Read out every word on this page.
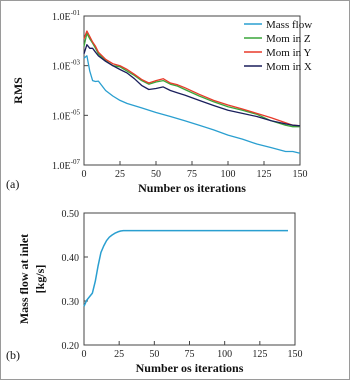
0	25	50	75 100 125 150
$1.0E^{-07}$
$1.0E^{-05}$
$1.0E^{-03}$
$1.0E^{-01}$
Mass flow
Mom in Z
Mom in Y
Mom in X
Number os iterations
RMS
(a)
0	25	50	75 100 125 150
0.20
0.30
0.40
0.50
Number os iterations
Mass flow at inlet [kg/s]
(b)
